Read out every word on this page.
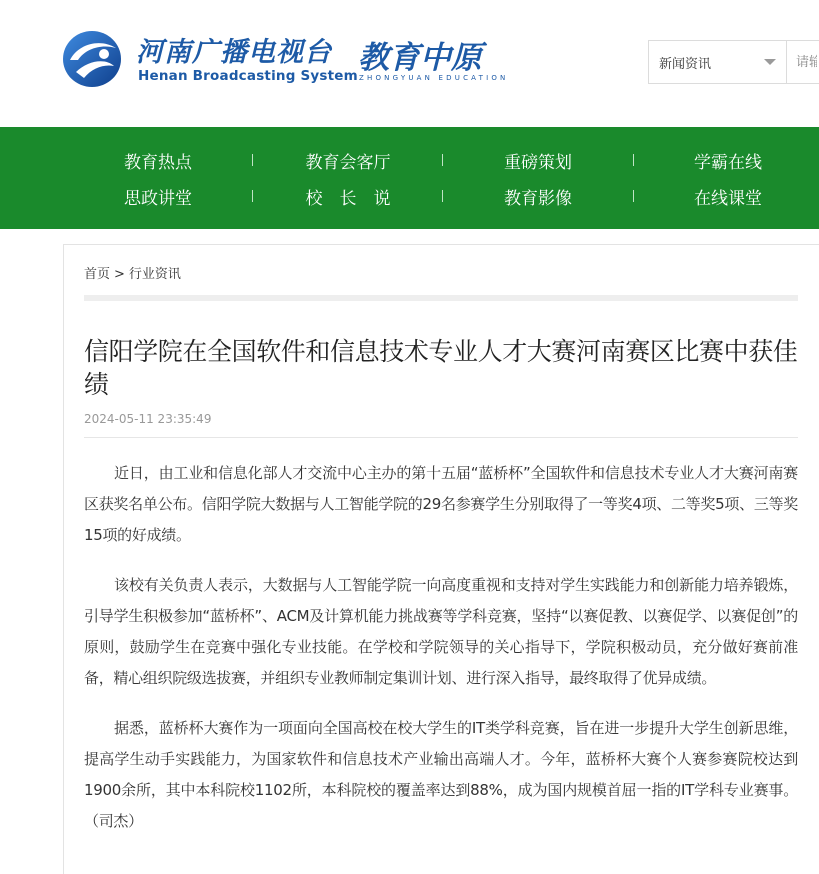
河南广播电视台
Henan Broadcasting System 教育中原
ZHONGYUAN EDUCATION
新闻资讯
请输入
教育热点	教育会客厅	重磅策划	学霸在线
思政讲堂	校　长　说	教育影像	在线课堂
首页 > 行业资讯
信阳学院在全国软件和信息技术专业人才大赛河南赛区比赛中获佳绩
2024-05-11 23:35:49

近日，由工业和信息化部人才交流中心主办的第十五届“蓝桥杯”全国软件和信息技术专业人才大赛河南赛区获奖名单公布。信阳学院大数据与人工智能学院的29名参赛学生分别取得了一等奖4项、二等奖5项、三等奖15项的好成绩。

该校有关负责人表示，大数据与人工智能学院一向高度重视和支持对学生实践能力和创新能力培养锻炼，引导学生积极参加“蓝桥杯”、ACM及计算机能力挑战赛等学科竞赛，坚持“以赛促教、以赛促学、以赛促创”的原则，鼓励学生在竞赛中强化专业技能。在学校和学院领导的关心指导下，学院积极动员，充分做好赛前准备，精心组织院级选拔赛，并组织专业教师制定集训计划、进行深入指导，最终取得了优异成绩。

据悉，蓝桥杯大赛作为一项面向全国高校在校大学生的IT类学科竞赛，旨在进一步提升大学生创新思维，提高学生动手实践能力，为国家软件和信息技术产业输出高端人才。今年，蓝桥杯大赛个人赛参赛院校达到1900余所，其中本科院校1102所，本科院校的覆盖率达到88%，成为国内规模首屈一指的IT学科专业赛事。（司杰）
